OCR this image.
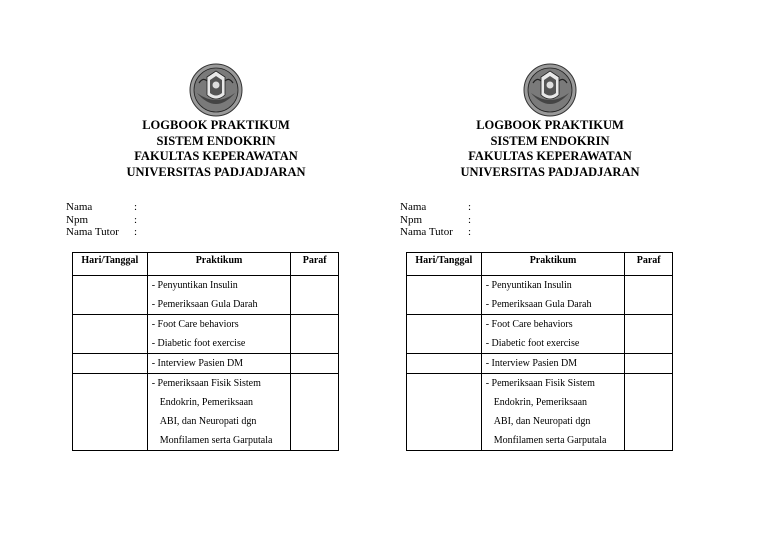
LOGBOOK PRAKTIKUM
SISTEM ENDOKRIN
FAKULTAS KEPERAWATAN
UNIVERSITAS PADJADJARAN
Nama	:
Npm	:
Nama Tutor	:
Hari/Tanggal	Praktikum	Paraf

	- Penyuntikan Insulin
- Pemeriksaan Gula Darah	

	- Foot Care behaviors
- Diabetic foot exercise	

	- Interview Pasien DM	

	- Pemeriksaan Fisik Sistem
Endokrin, Pemeriksaan
ABI, dan Neuropati dgn
Monfilamen serta Garputala	

LOGBOOK PRAKTIKUM
SISTEM ENDOKRIN
FAKULTAS KEPERAWATAN
UNIVERSITAS PADJADJARAN
Nama	:
Npm	:
Nama Tutor	:
Hari/Tanggal	Praktikum	Paraf

	- Penyuntikan Insulin
- Pemeriksaan Gula Darah	

	- Foot Care behaviors
- Diabetic foot exercise	

	- Interview Pasien DM	

	- Pemeriksaan Fisik Sistem
Endokrin, Pemeriksaan
ABI, dan Neuropati dgn
Monfilamen serta Garputala	
